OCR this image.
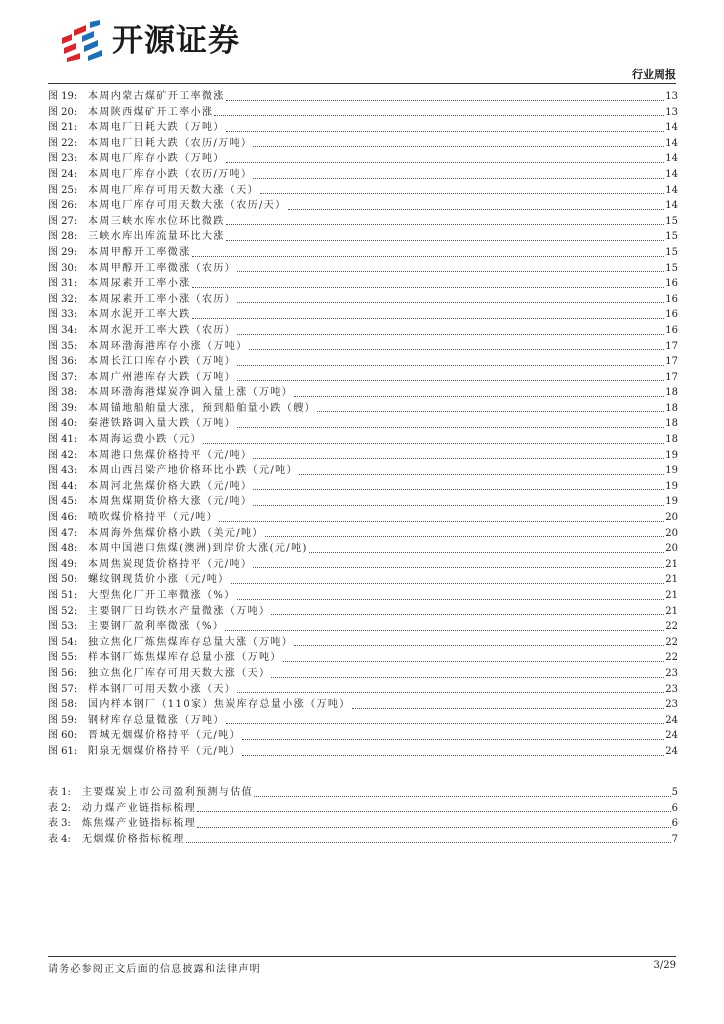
开源证券
行业周报
图 19:	本周内蒙古煤矿开工率微涨	13
图 20:	本周陕西煤矿开工率小涨	13
图 21:	本周电厂日耗大跌（万吨）	14
图 22:	本周电厂日耗大跌（农历/万吨）	14
图 23:	本周电厂库存小跌（万吨）	14
图 24:	本周电厂库存小跌（农历/万吨）	14
图 25:	本周电厂库存可用天数大涨（天）	14
图 26:	本周电厂库存可用天数大涨（农历/天）	14
图 27:	本周三峡水库水位环比微跌	15
图 28:	三峡水库出库流量环比大涨	15
图 29:	本周甲醇开工率微涨	15
图 30:	本周甲醇开工率微涨（农历）	15
图 31:	本周尿素开工率小涨	16
图 32:	本周尿素开工率小涨（农历）	16
图 33:	本周水泥开工率大跌	16
图 34:	本周水泥开工率大跌（农历）	16
图 35:	本周环渤海港库存小涨（万吨）	17
图 36:	本周长江口库存小跌（万吨）	17
图 37:	本周广州港库存大跌（万吨）	17
图 38:	本周环渤海港煤炭净调入量上涨（万吨）	18
图 39:	本周锚地船舶量大涨，预到船舶量小跌（艘）	18
图 40:	秦港铁路调入量大跌（万吨）	18
图 41:	本周海运费小跌（元）	18
图 42:	本周港口焦煤价格持平（元/吨）	19
图 43:	本周山西吕梁产地价格环比小跌（元/吨）	19
图 44:	本周河北焦煤价格大跌（元/吨）	19
图 45:	本周焦煤期货价格大涨（元/吨）	19
图 46:	喷吹煤价格持平（元/吨）	20
图 47:	本周海外焦煤价格小跌（美元/吨）	20
图 48:	本周中国港口焦煤(澳洲)到岸价大涨(元/吨)	20
图 49:	本周焦炭现货价格持平（元/吨）	21
图 50:	螺纹钢现货价小涨（元/吨）	21
图 51:	大型焦化厂开工率微涨（%）	21
图 52:	主要钢厂日均铁水产量微涨（万吨）	21
图 53:	主要钢厂盈利率微涨（%）	22
图 54:	独立焦化厂炼焦煤库存总量大涨（万吨）	22
图 55:	样本钢厂炼焦煤库存总量小涨（万吨）	22
图 56:	独立焦化厂库存可用天数大涨（天）	23
图 57:	样本钢厂可用天数小涨（天）	23
图 58:	国内样本钢厂（110家）焦炭库存总量小涨（万吨）	23
图 59:	钢材库存总量微涨（万吨）	24
图 60:	晋城无烟煤价格持平（元/吨）	24
图 61:	阳泉无烟煤价格持平（元/吨）	24
表 1:	主要煤炭上市公司盈利预测与估值	5
表 2:	动力煤产业链指标梳理	6
表 3:	炼焦煤产业链指标梳理	6
表 4:	无烟煤价格指标梳理	7
请务必参阅正文后面的信息披露和法律声明	3/29
